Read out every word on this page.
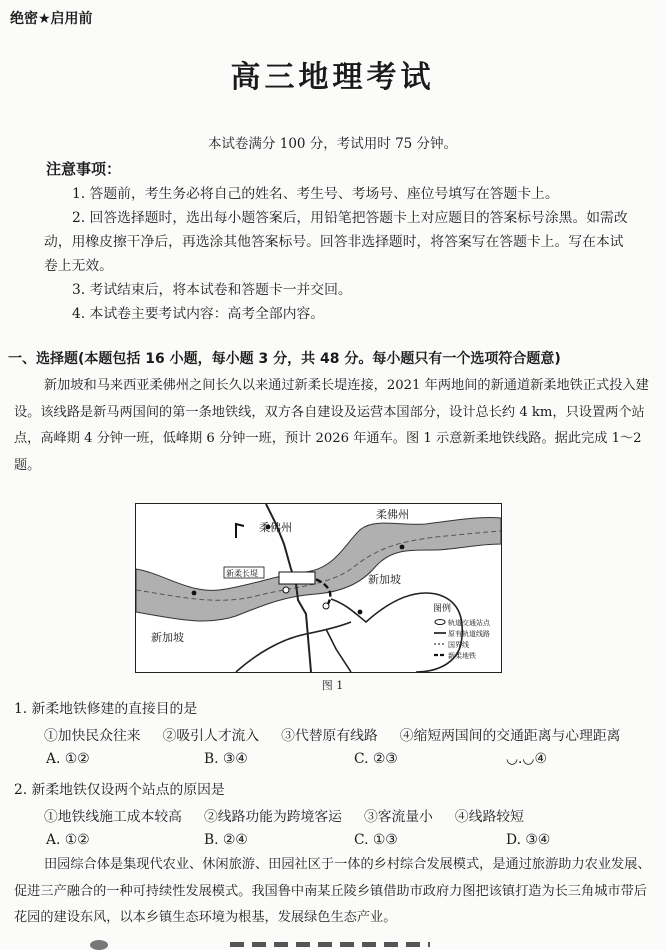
绝密★启用前
高三地理考试
本试卷满分 100 分，考试用时 75 分钟。
注意事项：

1. 答题前，考生务必将自己的姓名、考生号、考场号、座位号填写在答题卡上。

2. 回答选择题时，选出每小题答案后，用铅笔把答题卡上对应题目的答案标号涂黑。如需改动，用橡皮擦干净后，再选涂其他答案标号。回答非选择题时，将答案写在答题卡上。写在本试卷上无效。

3. 考试结束后，将本试卷和答题卡一并交回。

4. 本试卷主要考试内容：高考全部内容。

一、选择题(本题包括 16 小题，每小题 3 分，共 48 分。每小题只有一个选项符合题意)

新加坡和马来西亚柔佛州之间长久以来通过新柔长堤连接，2021 年两地间的新通道新柔地铁正式投入建设。该线路是新马两国间的第一条地铁线，双方各自建设及运营本国部分，设计总长约 4 km，只设置两个站点，高峰期 4 分钟一班，低峰期 6 分钟一班，预计 2026 年通车。图 1 示意新柔地铁线路。据此完成 1～2 题。

柔佛州
柔佛州
新加坡
新加坡
新柔长堤
图例
轨道交通站点
原有轨道线路
国界线
新柔地铁
图 1
1. 新柔地铁修建的直接目的是
①加快民众往来 ②吸引人才流入 ③代替原有线路 ④缩短两国间的交通距离与心理距离
A. ①②	B. ③④	C. ②③	◡.◡④
2. 新柔地铁仅设两个站点的原因是
①地铁线施工成本较高 ②线路功能为跨境客运 ③客流量小 ④线路较短
A. ①②	B. ②④	C. ①③	D. ③④

田园综合体是集现代农业、休闲旅游、田园社区于一体的乡村综合发展模式，是通过旅游助力农业发展、促进三产融合的一种可持续性发展模式。我国鲁中南某丘陵乡镇借助市政府力图把该镇打造为长三角城市带后花园的建设东风，以本乡镇生态环境为根基，发展绿色生态产业。
